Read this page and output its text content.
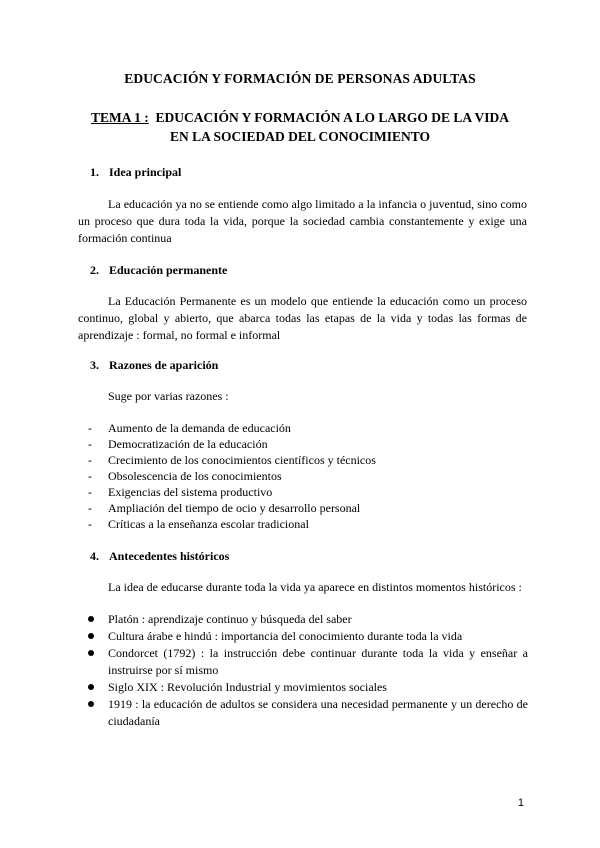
EDUCACIÓN Y FORMACIÓN DE PERSONAS ADULTAS
TEMA 1 : EDUCACIÓN Y FORMACIÓN A LO LARGO DE LA VIDA
EN LA SOCIEDAD DEL CONOCIMIENTO
1. Idea principal
La educación ya no se entiende como algo limitado a la infancia o juventud, sino como un proceso que dura toda la vida, porque la sociedad cambia constantemente y exige una formación continua
2. Educación permanente
La Educación Permanente es un modelo que entiende la educación como un proceso continuo, global y abierto, que abarca todas las etapas de la vida y todas las formas de aprendizaje : formal, no formal e informal
3. Razones de aparición
Suge por varias razones :
- Aumento de la demanda de educación
- Democratización de la educación
- Crecimiento de los conocimientos científicos y técnicos
- Obsolescencia de los conocimientos
- Exigencias del sistema productivo
- Ampliación del tiempo de ocio y desarrollo personal
- Críticas a la enseñanza escolar tradicional
4. Antecedentes históricos
La idea de educarse durante toda la vida ya aparece en distintos momentos históricos :
Platón : aprendizaje continuo y búsqueda del saber
Cultura árabe e hindú : importancia del conocimiento durante toda la vida
Condorcet (1792) : la instrucción debe continuar durante toda la vida y enseñar a instruirse por sí mismo
Siglo XIX : Revolución Industrial y movimientos sociales
1919 : la educación de adultos se considera una necesidad permanente y un derecho de ciudadanía
1
